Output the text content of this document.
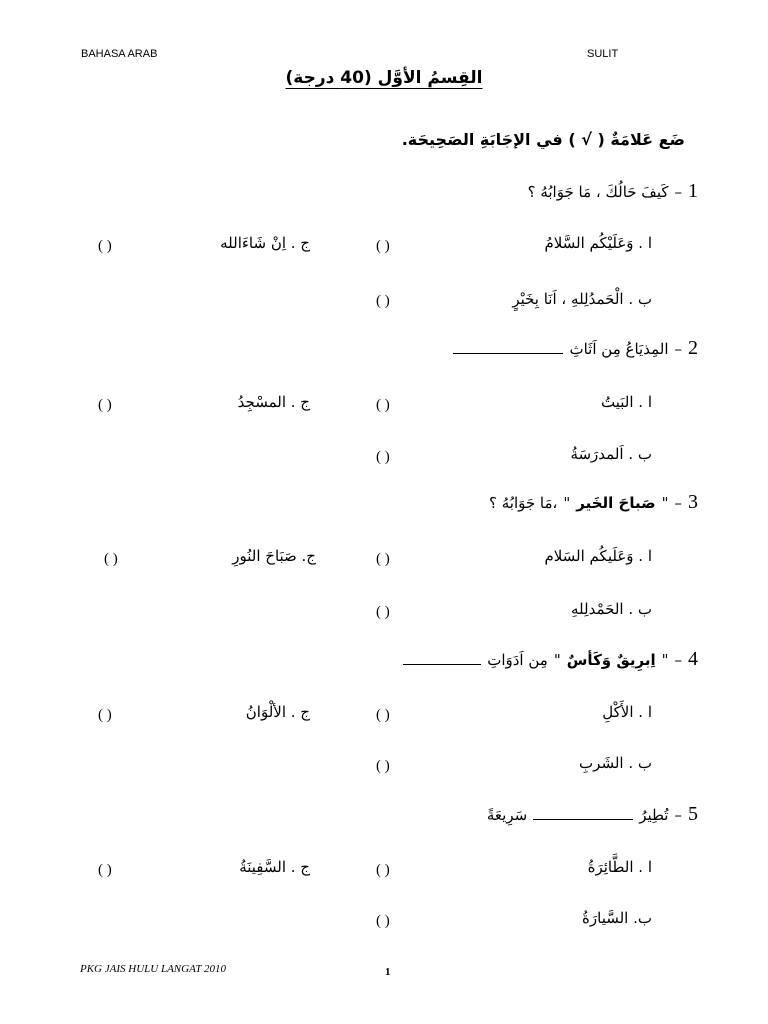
BAHASA ARAB	SULIT
القِسمُ الأوَّل (40 درجة)
ضَع عَلامَةٌ ( √ ) في الإجَابَةِ الصَحِيحَة.
1
–
كَيفَ حَالُكَ ، مَا جَوَابُهُ ؟
ا . وَعَلَيْكُم السَّلامُ
( )
ج . اِنْ شَاءَالله
( )
ب . الْحَمدُلِلهِ ، اَنَا بِخَيْرٍ
( )
2
–
المِذيَاعُ مِن اَثَاثِ
ا . البَيتُ
( )
ج . المسْجِدُ
( )
ب . اَلمدرَسَةُ
( )
3
–
"
صَباحَ الخَير
"
،مَا جَوَابُهُ ؟
ا . وَعَلَيكُم السَلام
( )
ج. صَبَاحَ النُورِ
( )
ب . الحَمْدلِلهِ
( )
4
–
"
اِبرِيقٌ وَكَأسٌ
"
مِن اَدَوَاتِ
ا . الأَكْلِ
( )
ج . الألْوَانُ
( )
ب . الشَربِ
( )
5
–
تُطِيرُ
سَرِيعَةً
ا . الطَّائِرَةُ
( )
ج . السَّفِينَةُ
( )
ب. السَّيارَةُ
( )
PKG JAIS HULU LANGAT 2010	1
